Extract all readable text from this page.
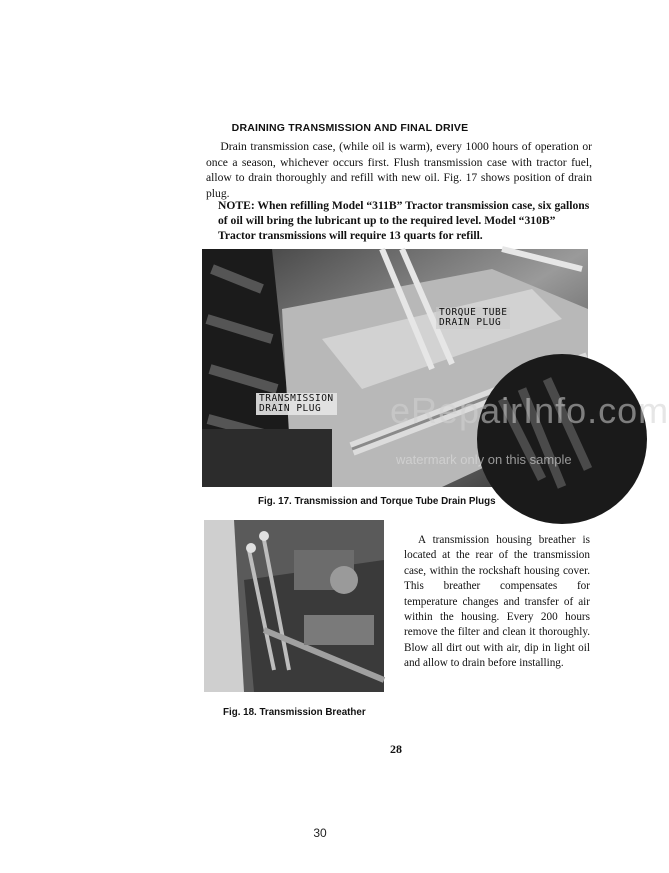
DRAINING TRANSMISSION AND FINAL DRIVE
Drain transmission case, (while oil is warm), every 1000 hours of operation or once a season, whichever occurs first. Flush transmission case with tractor fuel, allow to drain thoroughly and refill with new oil. Fig. 17 shows position of drain plug.
NOTE: When refilling Model “311B” Tractor transmission case, six gallons of oil will bring the lubricant up to the required level. Model “310B” Tractor transmissions will require 13 quarts for refill.
TORQUE TUBE
DRAIN PLUG
TRANSMISSION
DRAIN PLUG	eRepairInfo.com
watermark only on this sample
Fig. 17. Transmission and Torque Tube Drain Plugs
Fig. 18. Transmission Breather
A transmission housing breather is located at the rear of the transmission case, within the rockshaft housing cover. This breather compensates for temperature changes and transfer of air within the housing. Every 200 hours remove the filter and clean it thoroughly. Blow all dirt out with air, dip in light oil and allow to drain before installing.
28
30
